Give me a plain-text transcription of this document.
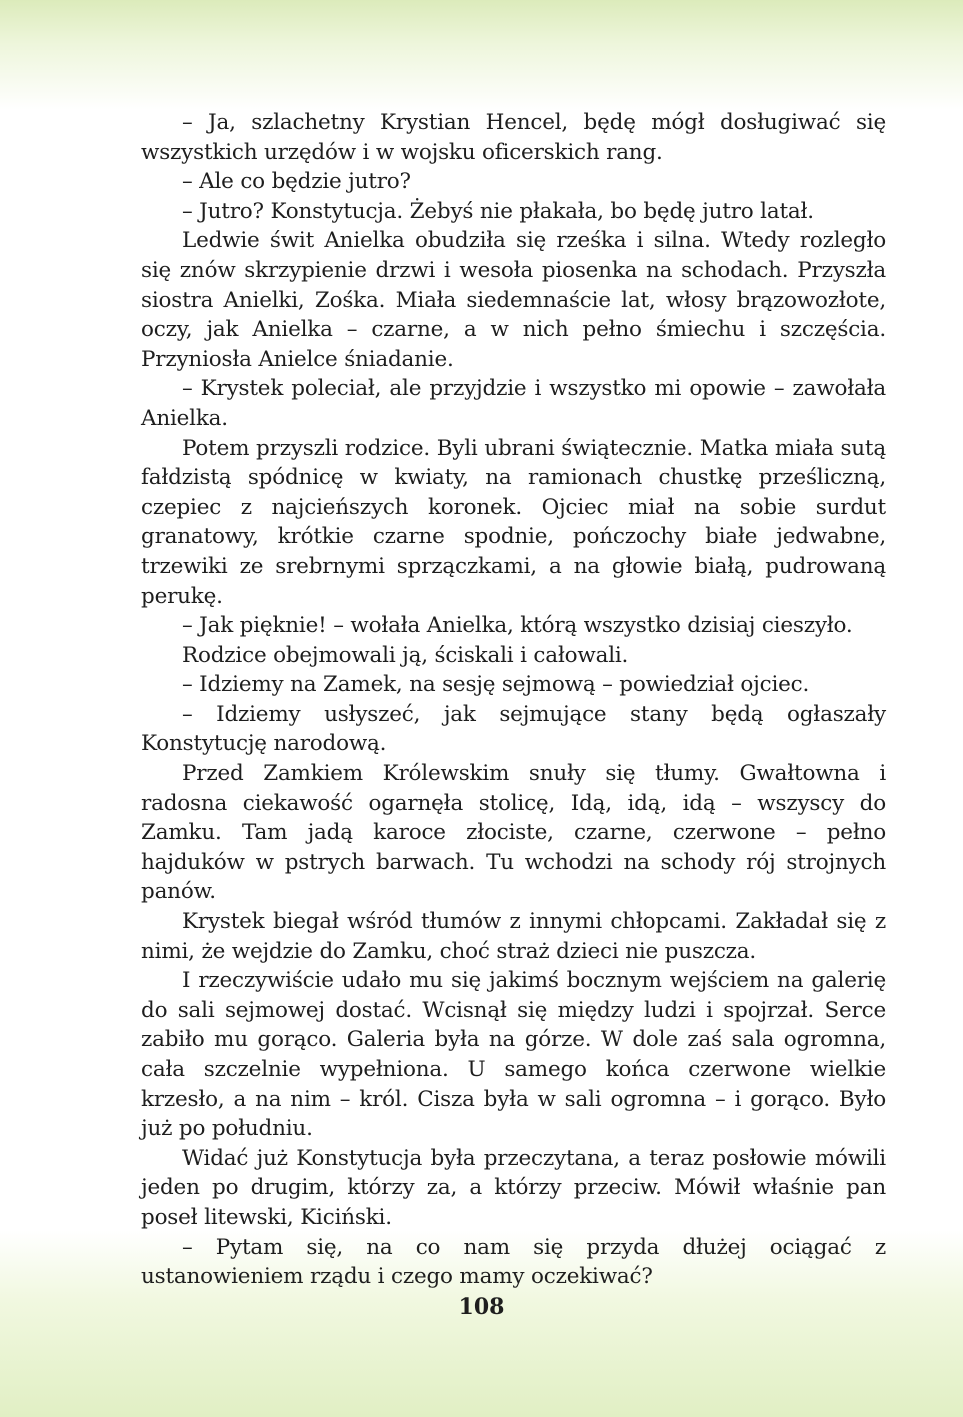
– Ja, szlachetny Krystian Hencel, będę mógł dosługiwać się wszystkich urzędów i w wojsku oficerskich rang.

– Ale co będzie jutro?

– Jutro? Konstytucja. Żebyś nie płakała, bo będę jutro latał.

Ledwie świt Anielka obudziła się rześka i silna. Wtedy rozległo się znów skrzypienie drzwi i wesoła piosenka na schodach. Przyszła siostra Anielki, Zośka. Miała siedemnaście lat, włosy brązowozłote, oczy, jak Anielka – czarne, a w nich pełno śmiechu i szczęścia. Przyniosła Anielce śniadanie.

– Krystek poleciał, ale przyjdzie i wszystko mi opowie – zawołała Anielka.

Potem przyszli rodzice. Byli ubrani świątecznie. Matka miała sutą fałdzistą spódnicę w kwiaty, na ramionach chustkę prześliczną, czepiec z najcieńszych koronek. Ojciec miał na sobie surdut granatowy, krótkie czarne spodnie, pończochy białe jedwabne, trzewiki ze srebrnymi sprzączkami, a na głowie białą, pudrowaną perukę.

– Jak pięknie! – wołała Anielka, którą wszystko dzisiaj cieszyło.

Rodzice obejmowali ją, ściskali i całowali.

– Idziemy na Zamek, na sesję sejmową – powiedział ojciec.

– Idziemy usłyszeć, jak sejmujące stany będą ogłaszały Konstytucję narodową.

Przed Zamkiem Królewskim snuły się tłumy. Gwałtowna i radosna ciekawość ogarnęła stolicę, Idą, idą, idą – wszyscy do Zamku. Tam jadą karoce złociste, czarne, czerwone – pełno hajduków w pstrych barwach. Tu wchodzi na schody rój strojnych panów.

Krystek biegał wśród tłumów z innymi chłopcami. Zakładał się z nimi, że wejdzie do Zamku, choć straż dzieci nie puszcza.

I rzeczywiście udało mu się jakimś bocznym wejściem na galerię do sali sejmowej dostać. Wcisnął się między ludzi i spojrzał. Serce zabiło mu gorąco. Galeria była na górze. W dole zaś sala ogromna, cała szczelnie wypełniona. U samego końca czerwone wielkie krzesło, a na nim – król. Cisza była w sali ogromna – i gorąco. Było już po południu.

Widać już Konstytucja była przeczytana, a teraz posłowie mówili jeden po drugim, którzy za, a którzy przeciw. Mówił właśnie pan poseł litewski, Kiciński.

– Pytam się, na co nam się przyda dłużej ociągać z ustanowieniem rządu i czego mamy oczekiwać?

108
